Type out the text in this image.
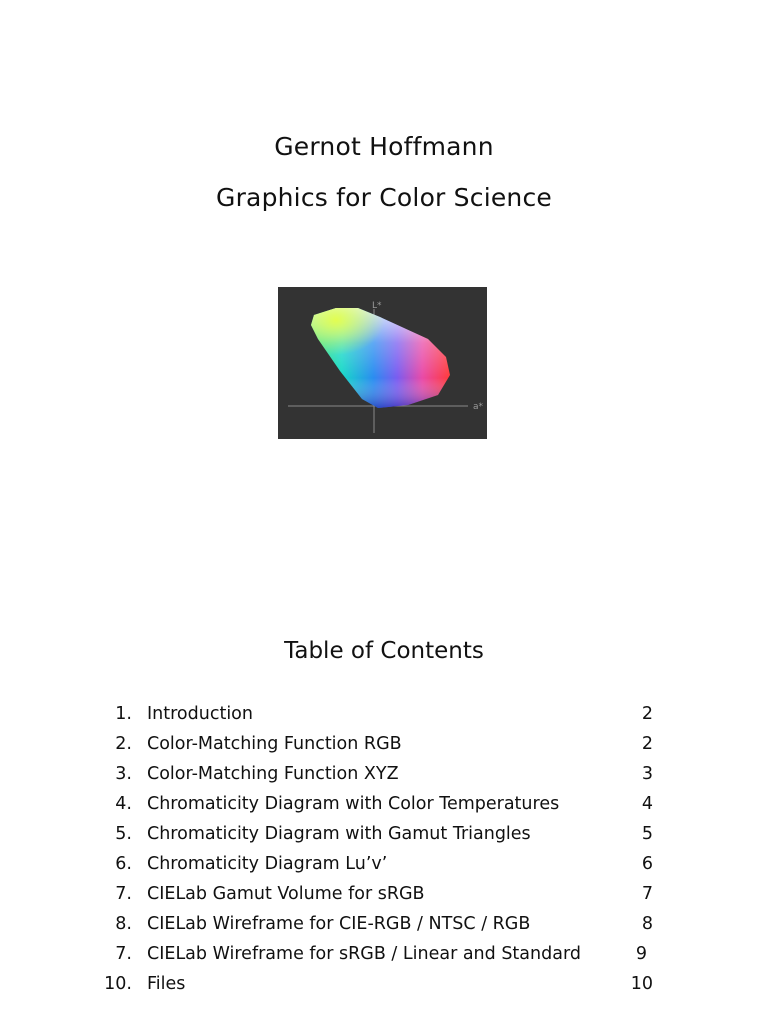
Gernot Hoffmann
Graphics for Color Science
L*
a*
Table of Contents
1. Introduction	2
2. Color-Matching Function RGB	2
3. Color-Matching Function XYZ	3
4. Chromaticity Diagram with Color Temperatures	4
5. Chromaticity Diagram with Gamut Triangles	5
6. Chromaticity Diagram Lu’v’	6
7. CIELab Gamut Volume for sRGB	7
8. CIELab Wireframe for CIE-RGB / NTSC / RGB	8
7. CIELab Wireframe for sRGB / Linear and Standard	9
10. Files	10
